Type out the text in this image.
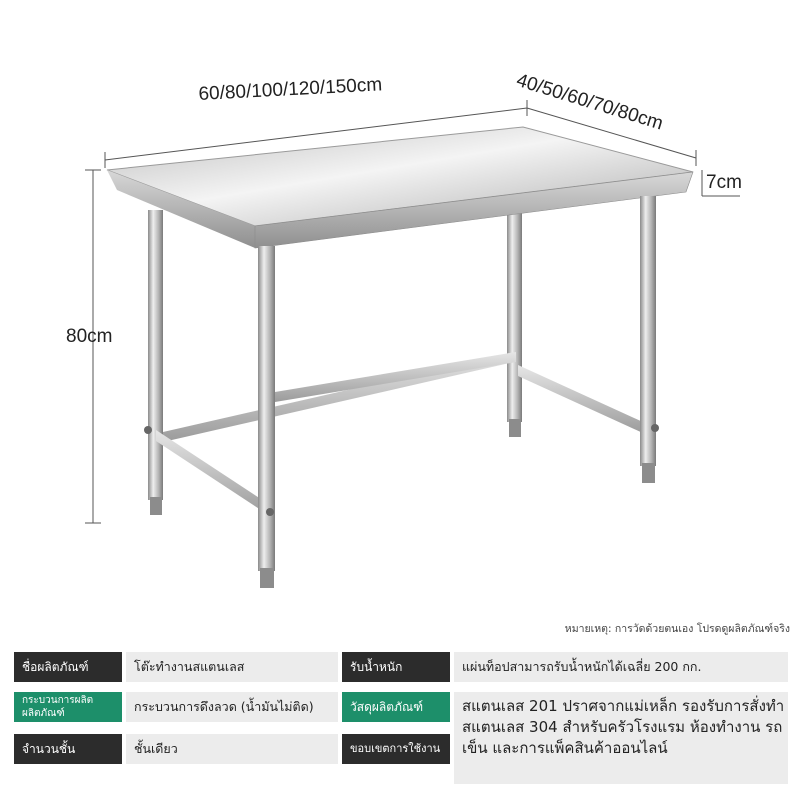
60/80/100/120/150cm	40/50/60/70/80cm
7cm
80cm
หมายเหตุ: การวัดด้วยตนเอง โปรดดูผลิตภัณฑ์จริง
ชื่อผลิตภัณฑ์	โต๊ะทำงานสแตนเลส	รับน้ำหนัก	แผ่นท็อปสามารถรับน้ำหนักได้เฉลี่ย 200 กก.
กระบวนการผลิตผลิตภัณฑ์	กระบวนการดึงลวด (น้ำมันไม่ติด)	วัสดุผลิตภัณฑ์	สแตนเลส 201 ปราศจากแม่เหล็ก รองรับการสั่งทำสแตนเลส 304 สำหรับครัวโรงแรม ห้องทำงาน รถเข็น และการแพ็คสินค้าออนไลน์
จำนวนชั้น	ชั้นเดียว	ขอบเขตการใช้งาน
